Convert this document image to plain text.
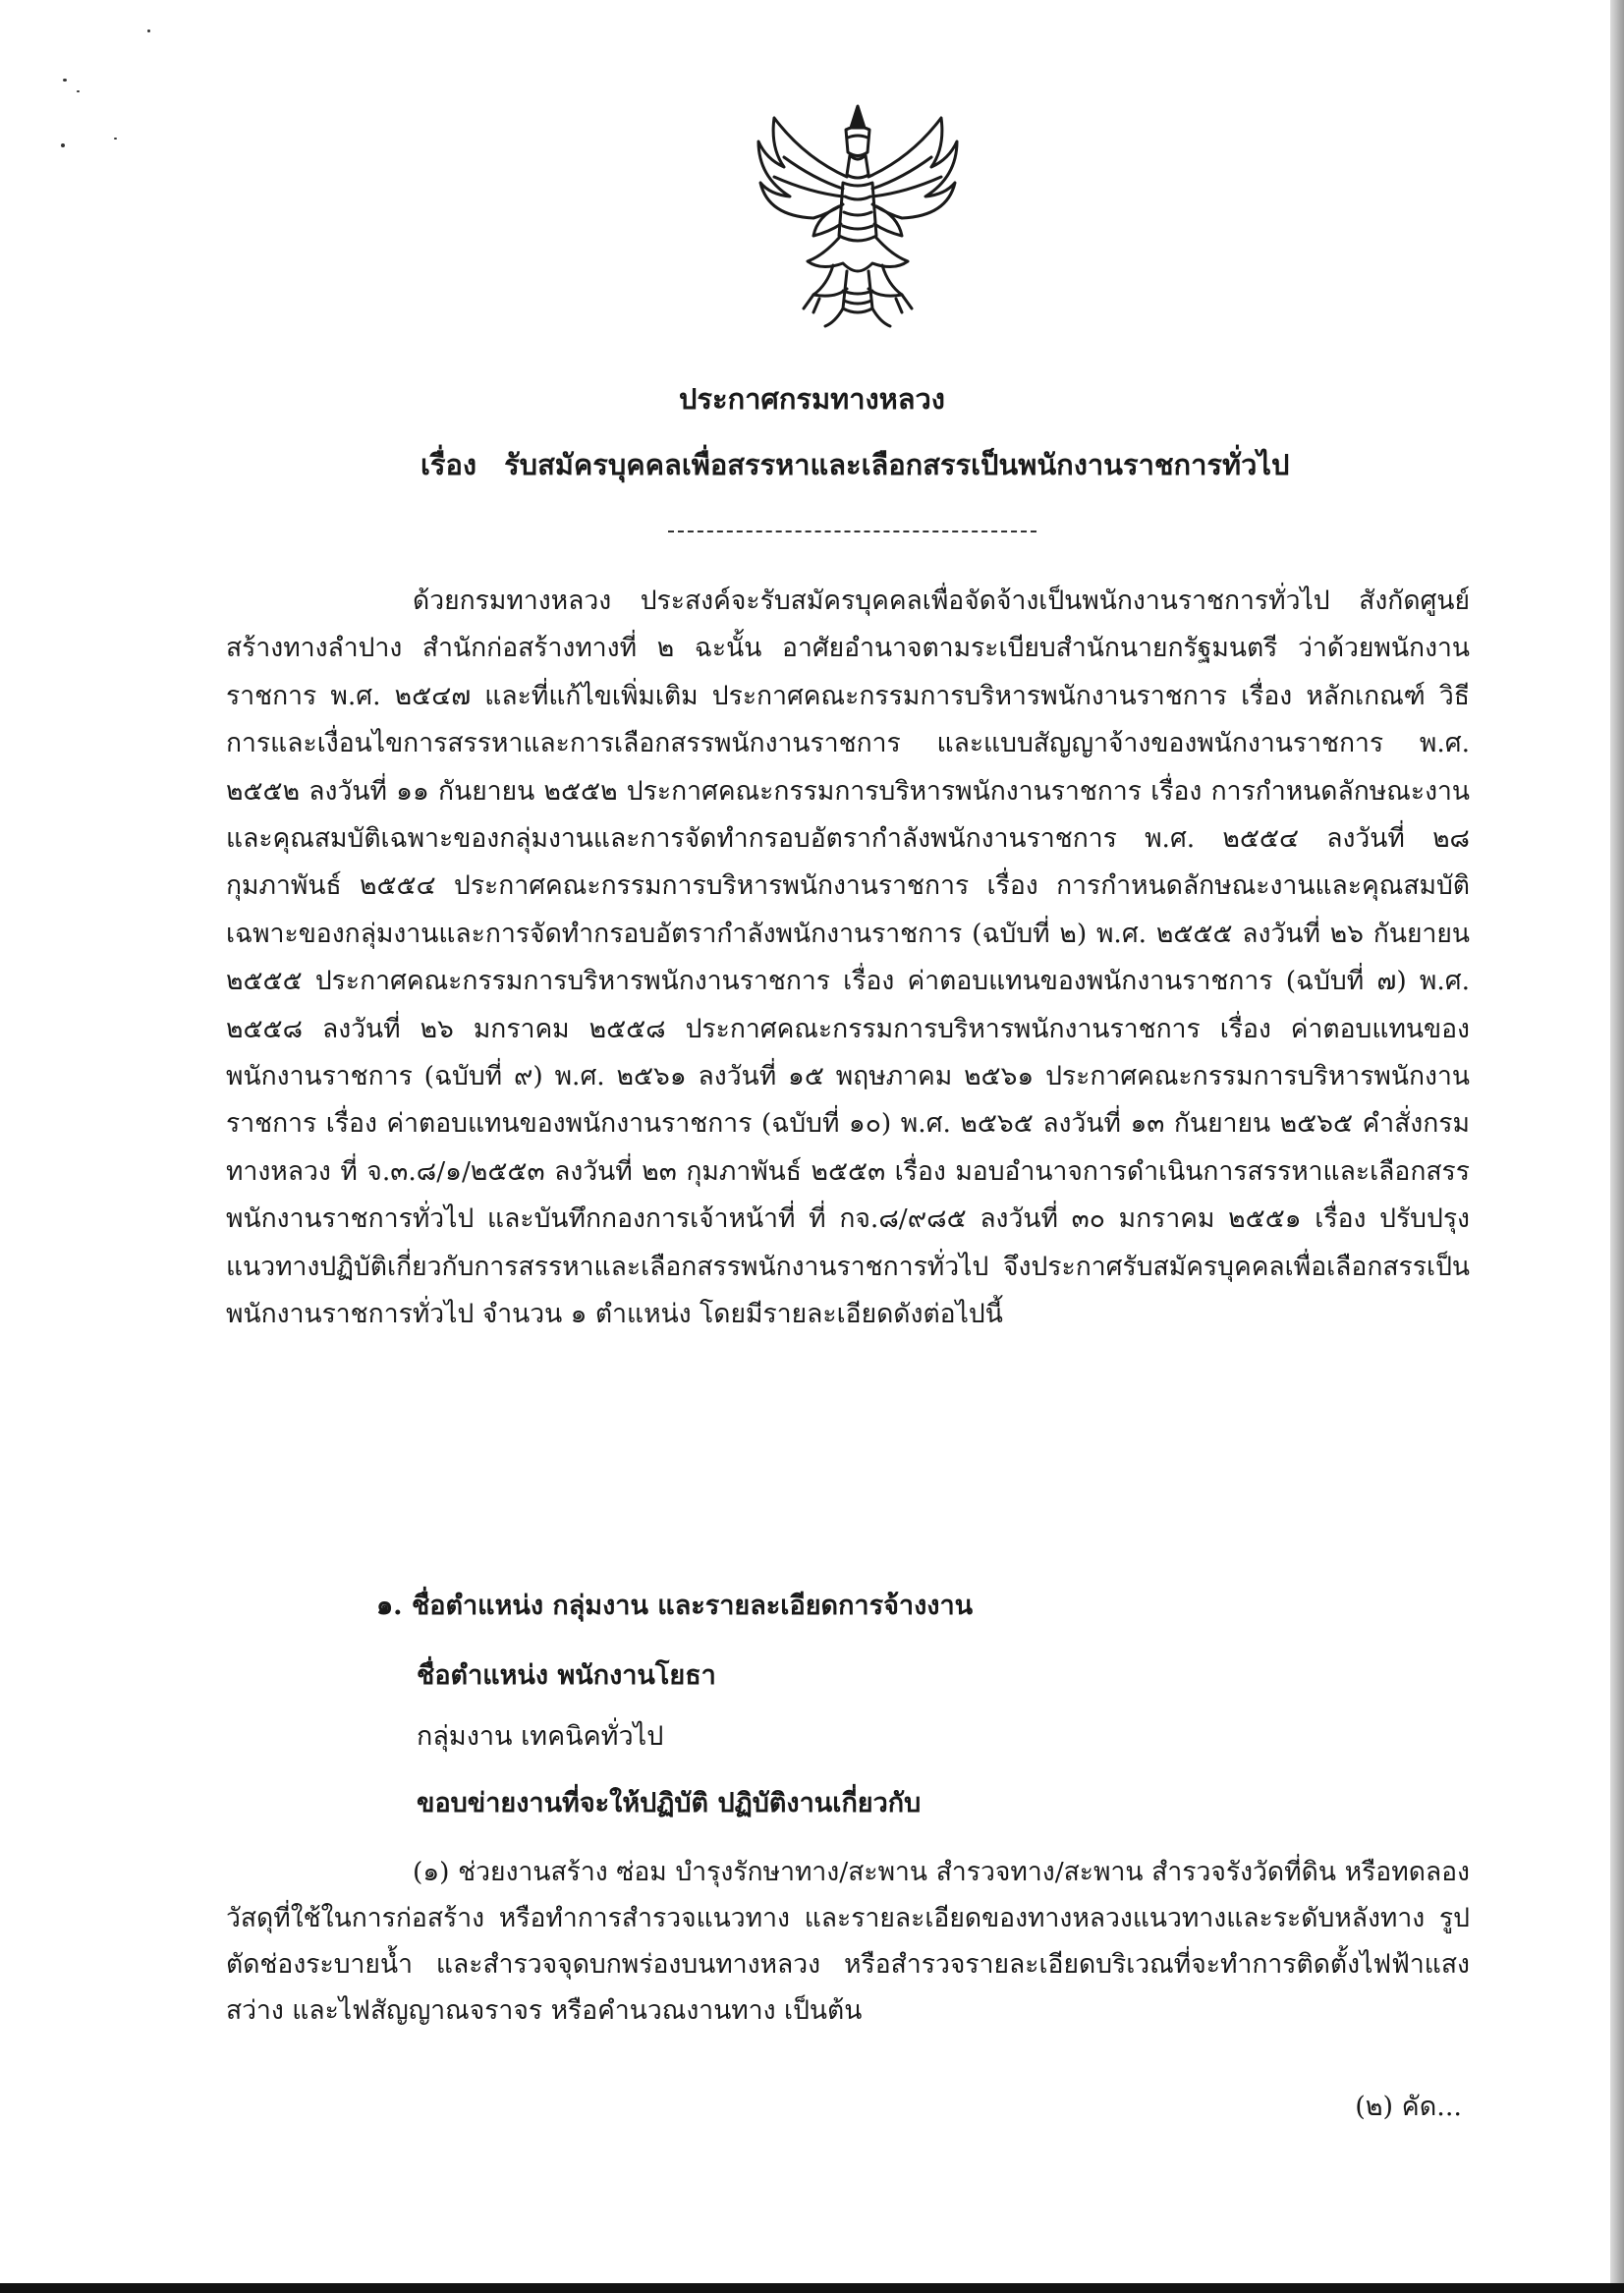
ประกาศกรมทางหลวง
เรื่อง รับสมัครบุคคลเพื่อสรรหาและเลือกสรรเป็นพนักงานราชการทั่วไป

ด้วยกรมทางหลวง ประสงค์จะรับสมัครบุคคลเพื่อจัดจ้างเป็นพนักงานราชการทั่วไป สังกัดศูนย์สร้างทางลำปาง สำนักก่อสร้างทางที่ ๒ ฉะนั้น อาศัยอำนาจตามระเบียบสำนักนายกรัฐมนตรี ว่าด้วยพนักงานราชการ พ.ศ. ๒๕๔๗ และที่แก้ไขเพิ่มเติม ประกาศคณะกรรมการบริหารพนักงานราชการ เรื่อง หลักเกณฑ์ วิธีการและเงื่อนไขการสรรหาและการเลือกสรรพนักงานราชการ และแบบสัญญาจ้างของพนักงานราชการ พ.ศ. ๒๕๕๒ ลงวันที่ ๑๑ กันยายน ๒๕๕๒ ประกาศคณะกรรมการบริหารพนักงานราชการ เรื่อง การกำหนดลักษณะงานและคุณสมบัติเฉพาะของกลุ่มงานและการจัดทำกรอบอัตรากำลังพนักงานราชการ พ.ศ. ๒๕๕๔ ลงวันที่ ๒๘ กุมภาพันธ์ ๒๕๕๔ ประกาศคณะกรรมการบริหารพนักงานราชการ เรื่อง การกำหนดลักษณะงานและคุณสมบัติเฉพาะของกลุ่มงานและการจัดทำกรอบอัตรากำลังพนักงานราชการ (ฉบับที่ ๒) พ.ศ. ๒๕๕๕ ลงวันที่ ๒๖ กันยายน ๒๕๕๕ ประกาศคณะกรรมการบริหารพนักงานราชการ เรื่อง ค่าตอบแทนของพนักงานราชการ (ฉบับที่ ๗) พ.ศ. ๒๕๕๘ ลงวันที่ ๒๖ มกราคม ๒๕๕๘ ประกาศคณะกรรมการบริหารพนักงานราชการ เรื่อง ค่าตอบแทนของพนักงานราชการ (ฉบับที่ ๙) พ.ศ. ๒๕๖๑ ลงวันที่ ๑๕ พฤษภาคม ๒๕๖๑ ประกาศคณะกรรมการบริหารพนักงานราชการ เรื่อง ค่าตอบแทนของพนักงานราชการ (ฉบับที่ ๑๐) พ.ศ. ๒๕๖๕ ลงวันที่ ๑๓ กันยายน ๒๕๖๕ คำสั่งกรมทางหลวง ที่ จ.๓.๘/๑/๒๕๕๓ ลงวันที่ ๒๓ กุมภาพันธ์ ๒๕๕๓ เรื่อง มอบอำนาจการดำเนินการสรรหาและเลือกสรรพนักงานราชการทั่วไป และบันทึกกองการเจ้าหน้าที่ ที่ กจ.๘/๙๘๕ ลงวันที่ ๓๐ มกราคม ๒๕๕๑ เรื่อง ปรับปรุงแนวทางปฏิบัติเกี่ยวกับการสรรหาและเลือกสรรพนักงานราชการทั่วไป จึงประกาศรับสมัครบุคคลเพื่อเลือกสรรเป็นพนักงานราชการทั่วไป จำนวน ๑ ตำแหน่ง โดยมีรายละเอียดดังต่อไปนี้

๑. ชื่อตำแหน่ง กลุ่มงาน และรายละเอียดการจ้างงาน
ชื่อตำแหน่ง พนักงานโยธา
กลุ่มงาน เทคนิคทั่วไป
ขอบข่ายงานที่จะให้ปฏิบัติ ปฏิบัติงานเกี่ยวกับ

(๑) ช่วยงานสร้าง ซ่อม บำรุงรักษาทาง/สะพาน สำรวจทาง/สะพาน สำรวจรังวัดที่ดิน หรือทดลองวัสดุที่ใช้ในการก่อสร้าง หรือทำการสำรวจแนวทาง และรายละเอียดของทางหลวงแนวทางและระดับหลังทาง รูปตัดช่องระบายน้ำ และสำรวจจุดบกพร่องบนทางหลวง หรือสำรวจรายละเอียดบริเวณที่จะทำการติดตั้งไฟฟ้าแสงสว่าง และไฟสัญญาณจราจร หรือคำนวณงานทาง เป็นต้น

(๒) คัด...
